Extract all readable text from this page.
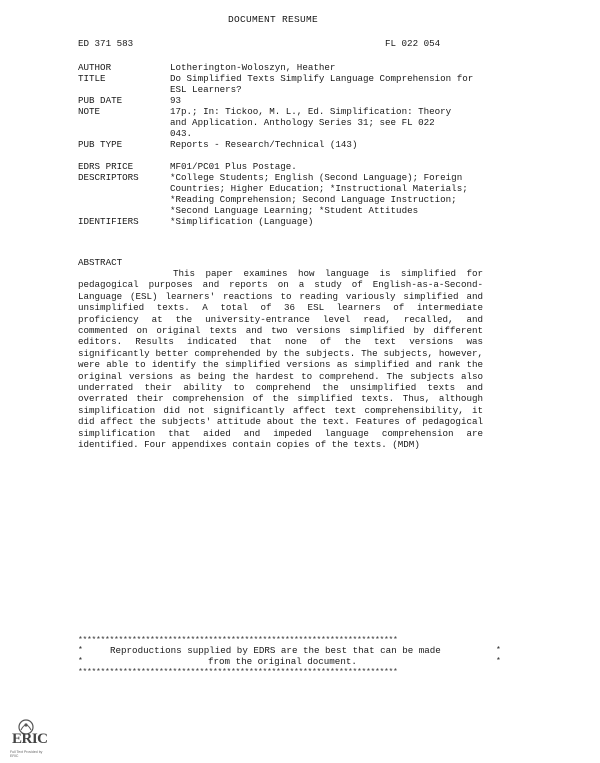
DOCUMENT RESUME
ED 371 583	FL 022 054
AUTHOR	Lotherington-Woloszyn, Heather
TITLE	Do Simplified Texts Simplify Language Comprehension for ESL Learners?
PUB DATE	93
NOTE	17p.; In: Tickoo, M. L., Ed. Simplification: Theory and Application. Anthology Series 31; see FL 022 043.
PUB TYPE	Reports - Research/Technical (143)
EDRS PRICE	MF01/PC01 Plus Postage.
DESCRIPTORS	*College Students; English (Second Language); Foreign Countries; Higher Education; *Instructional Materials; *Reading Comprehension; Second Language Instruction; *Second Language Learning; *Student Attitudes
IDENTIFIERS	*Simplification (Language)
ABSTRACT
This paper examines how language is simplified for pedagogical purposes and reports on a study of English-as-a-Second-Language (ESL) learners' reactions to reading variously simplified and unsimplified texts. A total of 36 ESL learners of intermediate proficiency at the university-entrance level read, recalled, and commented on original texts and two versions simplified by different editors. Results indicated that none of the text versions was significantly better comprehended by the subjects. The subjects, however, were able to identify the simplified versions as simplified and rank the original versions as being the hardest to comprehend. The subjects also underrated their ability to comprehend the unsimplified texts and overrated their comprehension of the simplified texts. Thus, although simplification did not significantly affect text comprehensibility, it did affect the subjects' attitude about the text. Features of pedagogical simplification that aided and impeded language comprehension are identified. Four appendixes contain copies of the texts. (MDM)
***********************************************************************
*	Reproductions supplied by EDRS are the best that can be made	*
*	from the original document.	*
***********************************************************************
ERIC
Full Text Provided by ERIC
